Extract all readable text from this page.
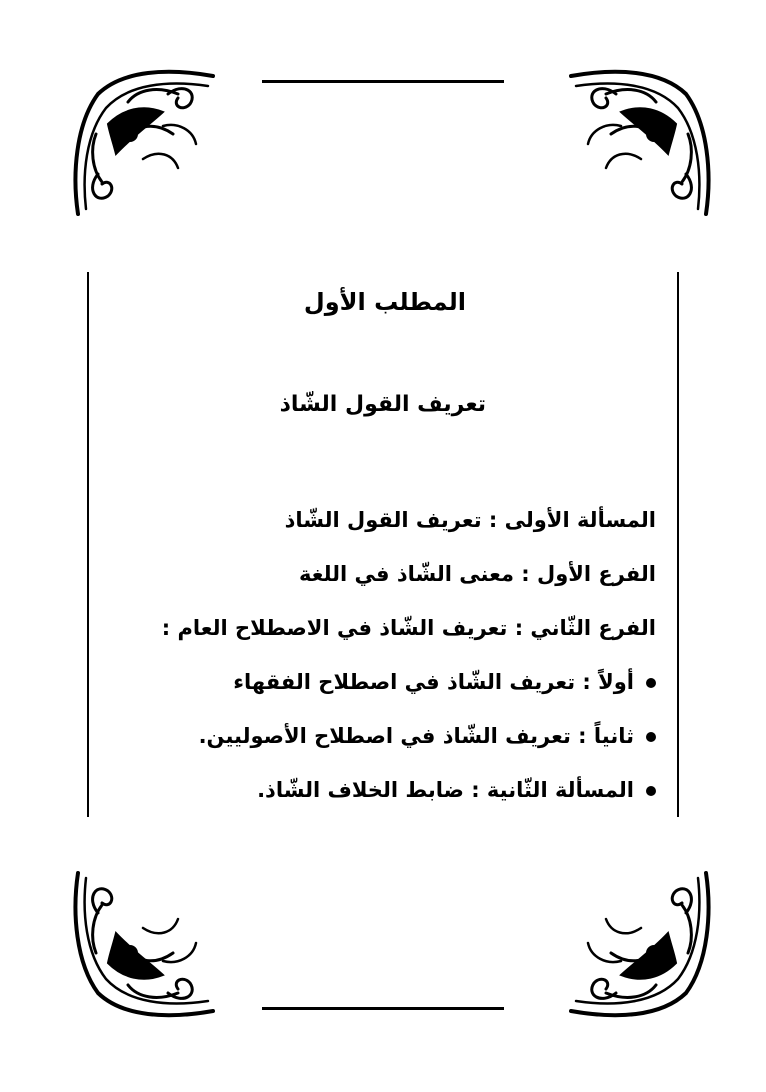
المطلب الأول
تعريف القول الشّاذ
المسألة الأولى : تعريف القول الشّاذ
الفرع الأول : معنى الشّاذ في اللغة
الفرع الثّاني : تعريف الشّاذ في الاصطلاح العام :
أولاً : تعريف الشّاذ في اصطلاح الفقهاء
ثانياً : تعريف الشّاذ في اصطلاح الأصوليين.
المسألة الثّانية : ضابط الخلاف الشّاذ.
